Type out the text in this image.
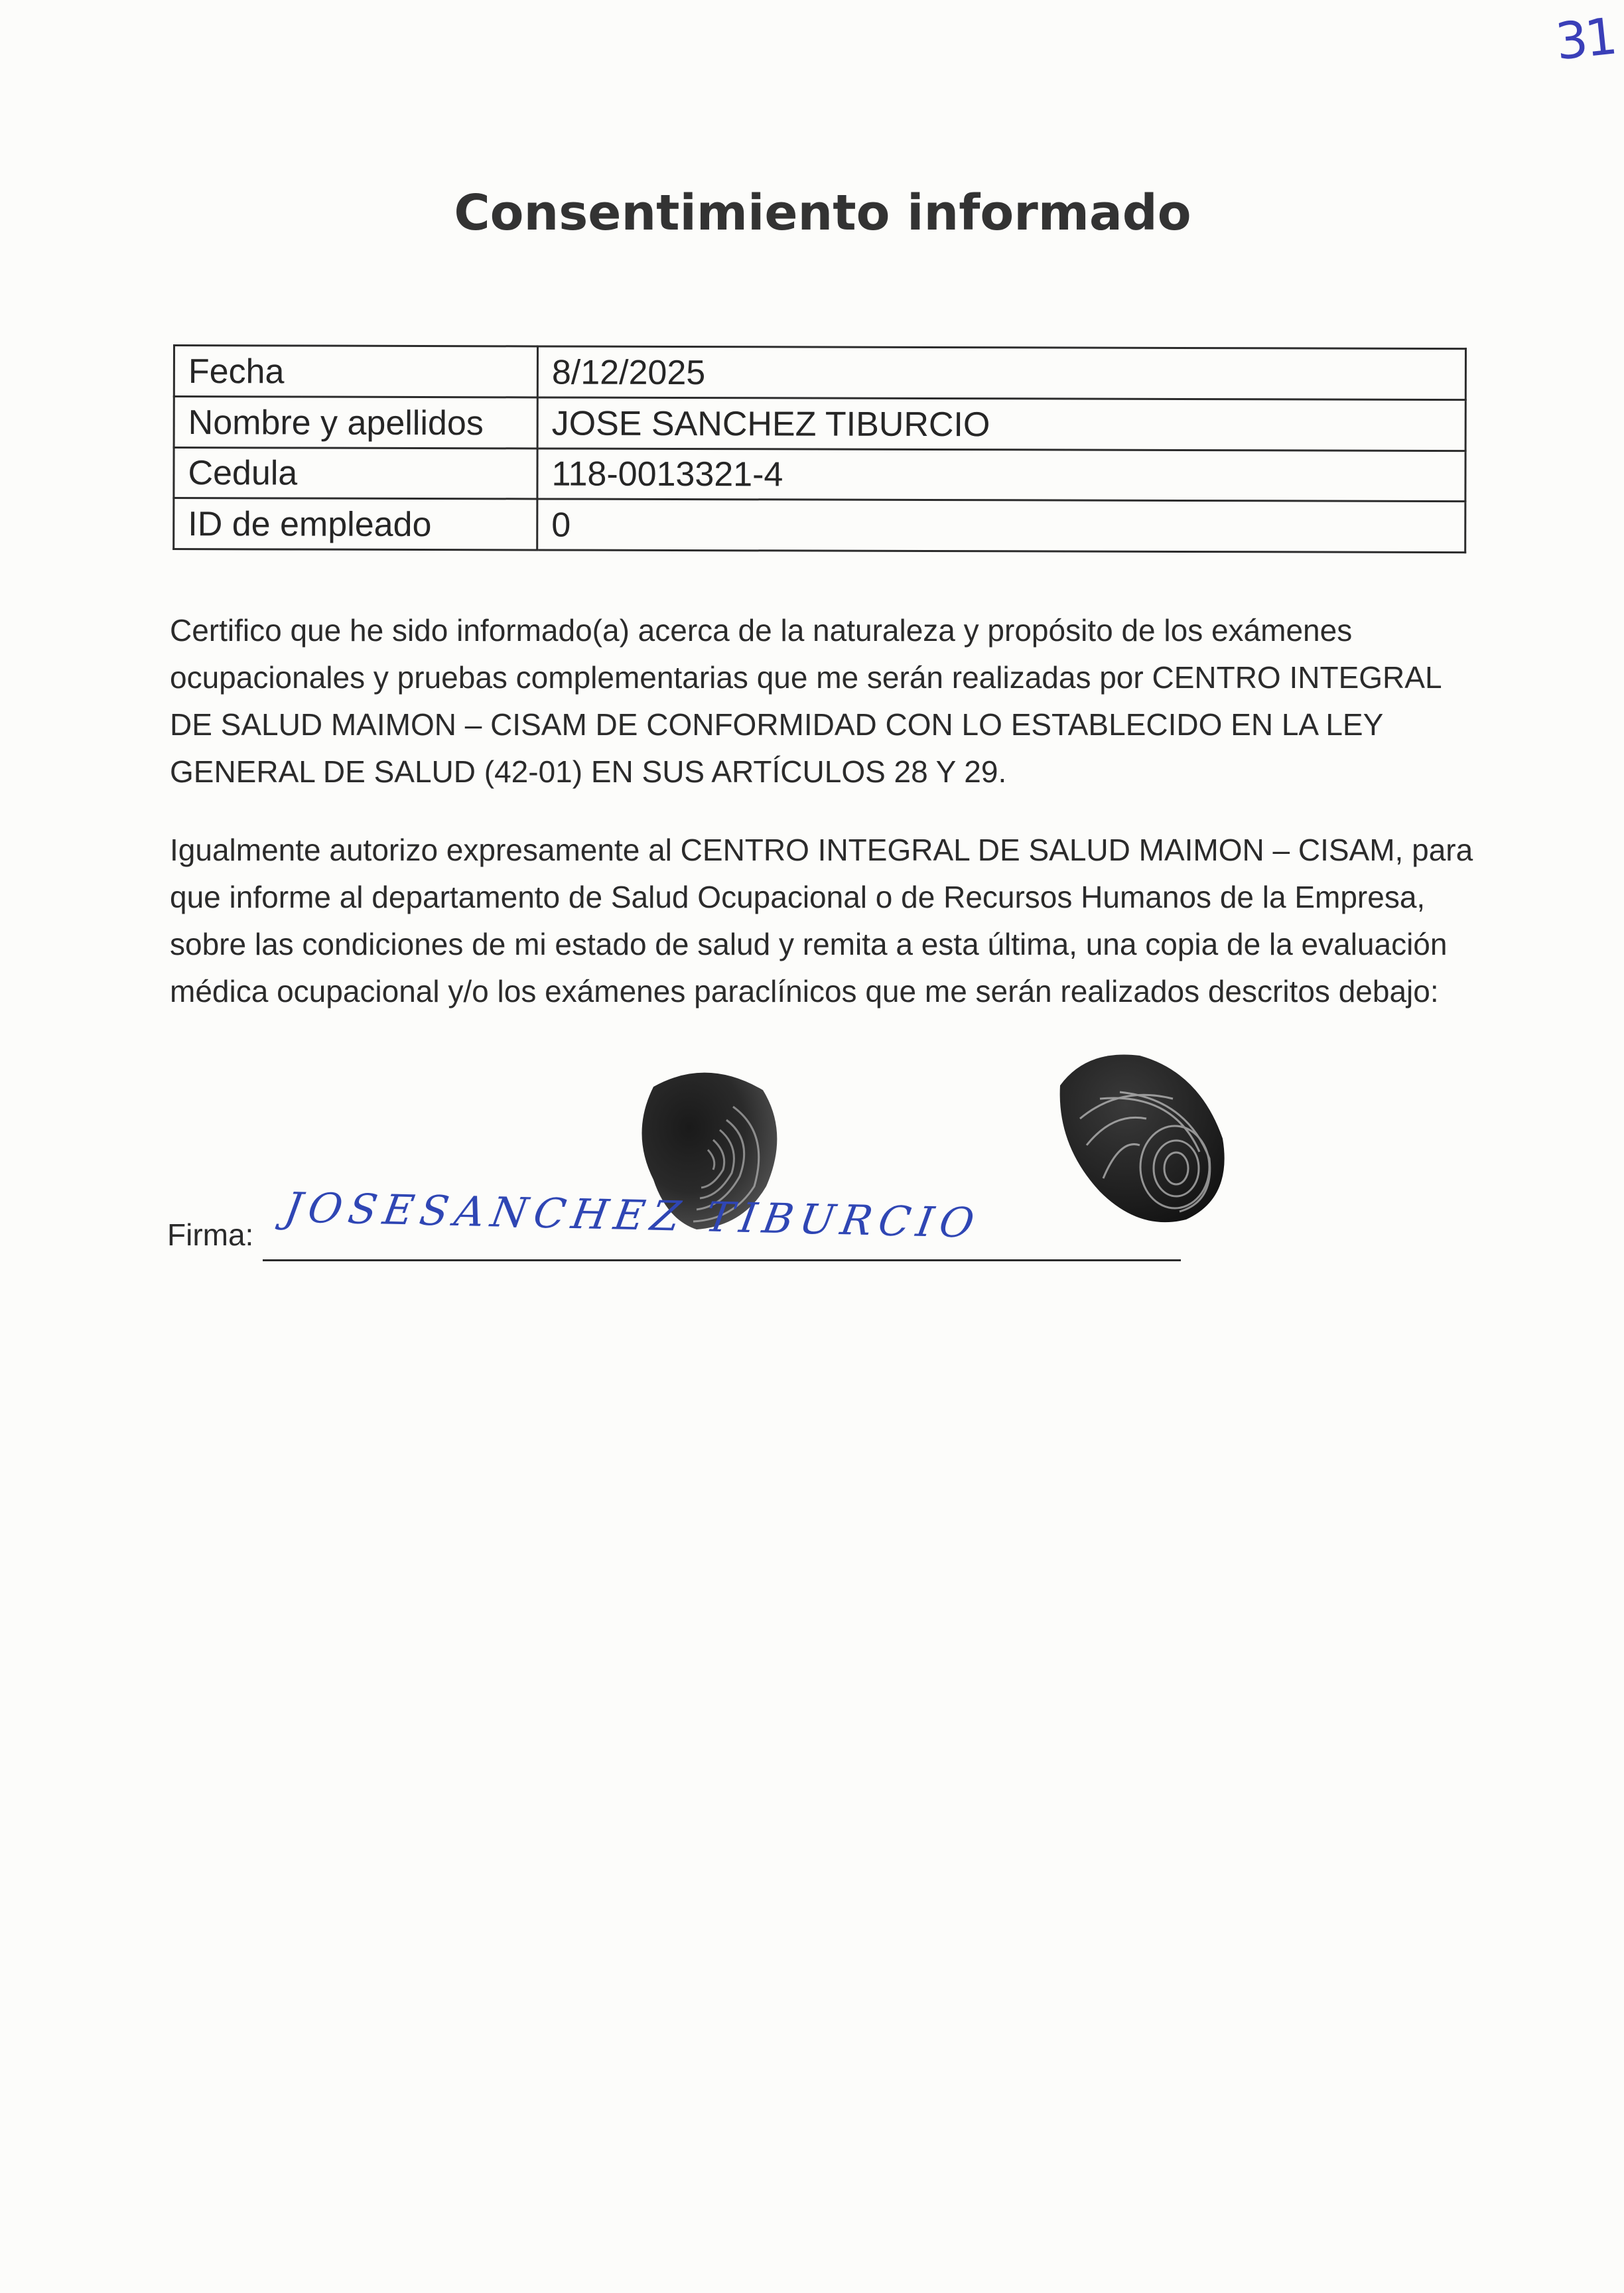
31
Consentimiento informado
Fecha	8/12/2025
Nombre y apellidos	JOSE SANCHEZ TIBURCIO
Cedula	118-0013321-4
ID de empleado	0

Certifico que he sido informado(a) acerca de la naturaleza y propósito de los exámenes ocupacionales y pruebas complementarias que me serán realizadas por CENTRO INTEGRAL DE SALUD MAIMON – CISAM DE CONFORMIDAD CON LO ESTABLECIDO EN LA LEY GENERAL DE SALUD (42-01) EN SUS ARTÍCULOS 28 Y 29.

Igualmente autorizo expresamente al CENTRO INTEGRAL DE SALUD MAIMON – CISAM, para que informe al departamento de Salud Ocupacional o de Recursos Humanos de la Empresa, sobre las condiciones de mi estado de salud y remita a esta última, una copia de la evaluación médica ocupacional y/o los exámenes paraclínicos que me serán realizados descritos debajo:

Firma: JOSESANCHEZ TIBURCIO
